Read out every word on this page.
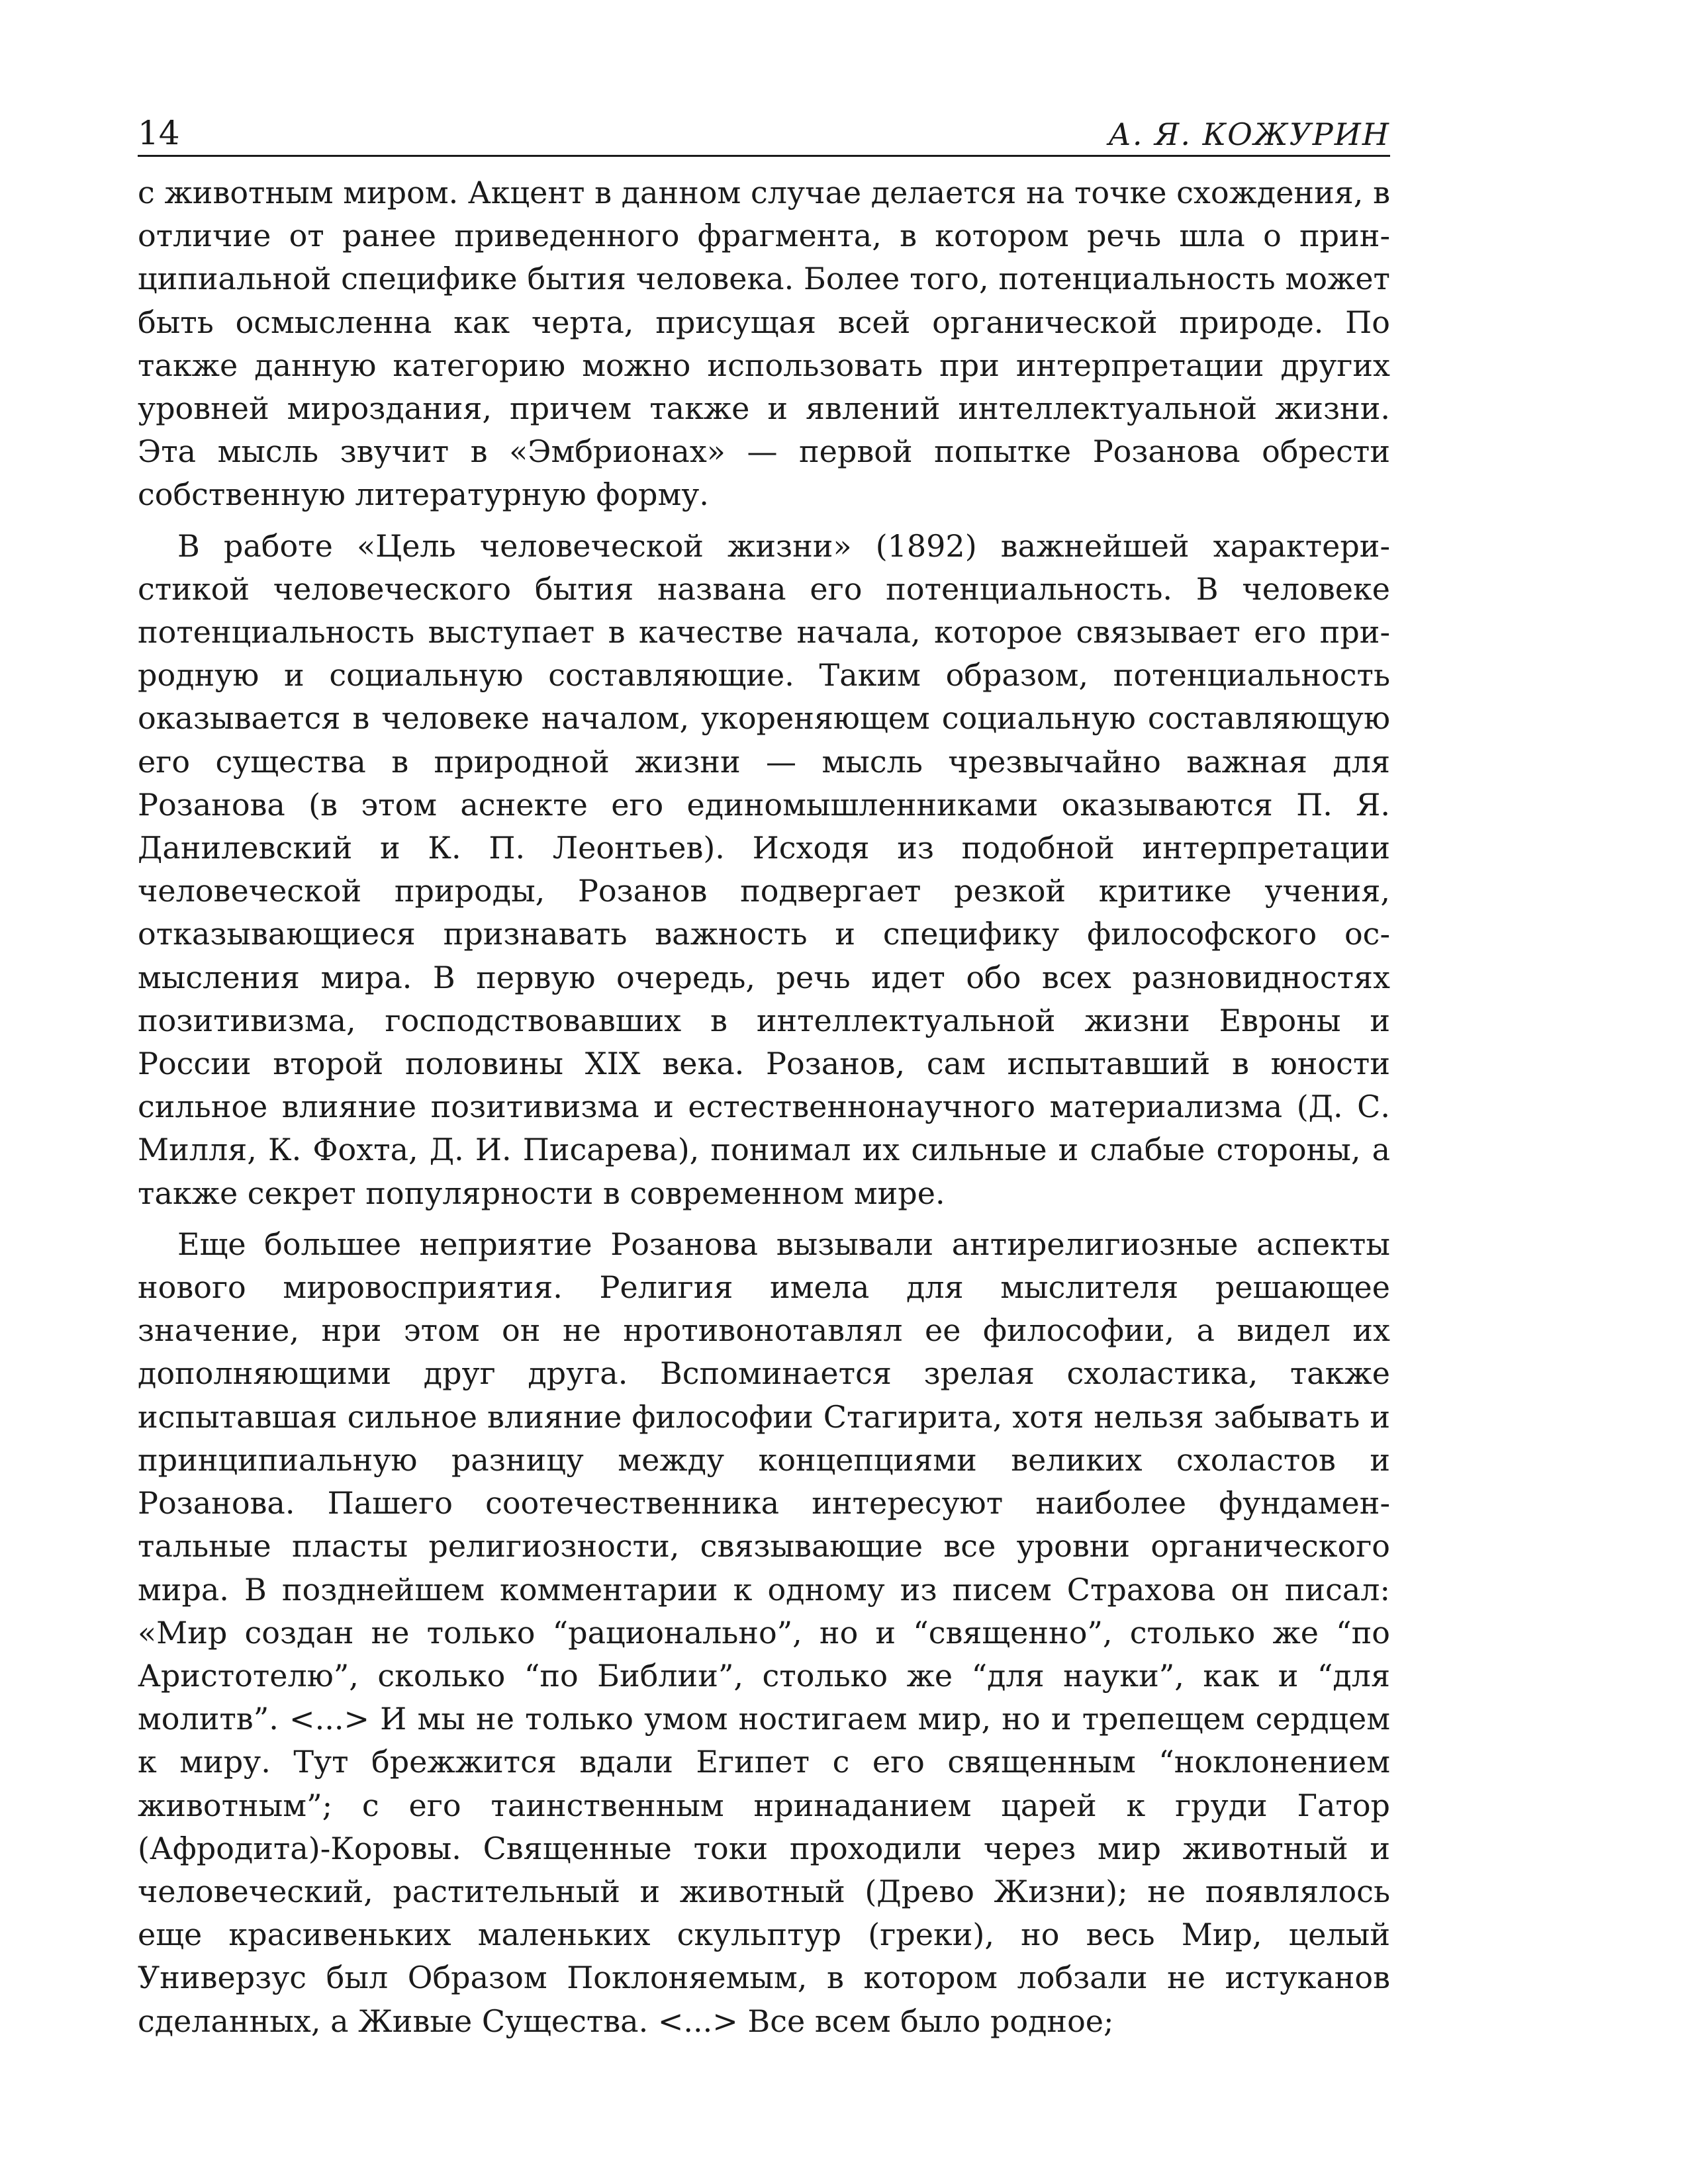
14	А. Я. КОЖУРИН

с животным миром. Акцент в данном случае делается на точке схождения, в отличие от ранее приведенного фрагмента, в котором речь шла о принципиальной специфике бытия человека. Более того, потенциальность может быть осмысленна как черта, присущая всей органической природе. По также данную категорию можно использовать при интерпретации других уровней мироздания, причем также и явлений интеллектуальной жизни. Эта мысль звучит в «Эмбрионах» — первой попытке Розанова обрести собственную литературную форму.

В работе «Цель человеческой жизни» (1892) важнейшей характеристикой человеческого бытия названа его потенциальность. В человеке потенциальность выступает в качестве начала, которое связывает его природную и социальную составляющие. Таким образом, потенциальность оказывается в человеке началом, укореняющем социальную составляющую его существа в природной жизни — мысль чрезвычайно важная для Розанова (в этом аснекте его единомышленниками оказываются П. Я. Данилевский и К. П. Леонтьев). Исходя из подобной интерпретации человеческой природы, Розанов подвергает резкой критике учения, отказывающиеся признавать важность и специфику философского осмысления мира. В первую очередь, речь идет обо всех разновидностях позитивизма, господствовавших в интеллектуальной жизни Евроны и России второй половины XIX века. Розанов, сам испытавший в юности сильное влияние позитивизма и естественнонаучного материализма (Д. С. Милля, К. Фохта, Д. И. Писарева), понимал их сильные и слабые стороны, а также секрет популярности в современном мире.

Еще большее неприятие Розанова вызывали антирелигиозные аспекты нового мировосприятия. Религия имела для мыслителя решающее значение, нри этом он не нротивонотавлял ее философии, а видел их дополняющими друг друга. Вспоминается зрелая схоластика, также испытавшая сильное влияние философии Стагирита, хотя нельзя забывать и принципиальную разницу между концепциями великих схоластов и Розанова. Пашего соотечественника интересуют наиболее фундаментальные пласты религиозности, связывающие все уровни органического мира. В позднейшем комментарии к одному из писем Страхова он писал: «Мир создан не только “рационально”, но и “священно”, столько же “по Аристотелю”, сколько “по Библии”, столько же “для науки”, как и “для молитв”. <...> И мы не только умом ностигаем мир, но и трепещем сердцем к миру. Тут брежжится вдали Египет с его священным “ноклонением животным”; с его таинственным нринаданием царей к груди Гатор (Афродита)-Коровы. Священные токи проходили через мир животный и человеческий, растительный и животный (Древо Жизни); не появлялось еще красивеньких маленьких скульптур (греки), но весь Мир, целый Универзус был Образом Поклоняемым, в котором лобзали не истуканов сделанных, а Живые Существа. <...> Все всем было родное;
